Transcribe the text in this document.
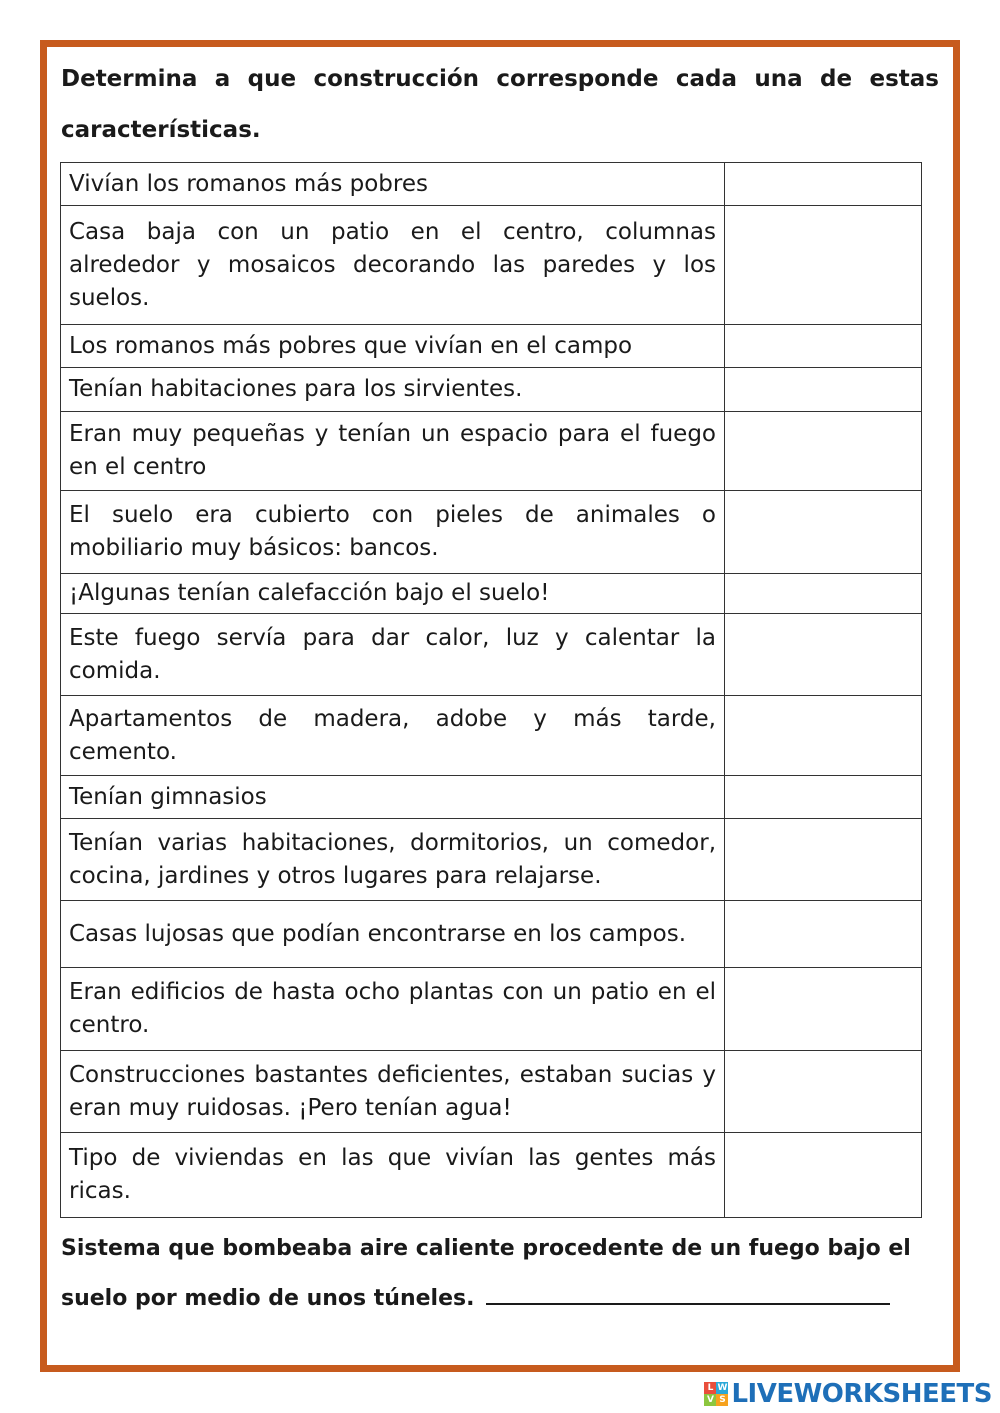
Determina a que construcción corresponde cada una de estas características.
Vivían los romanos más pobres	
Casa baja con un patio en el centro, columnas alrededor y mosaicos decorando las paredes y los suelos.	
Los romanos más pobres que vivían en el campo	
Tenían habitaciones para los sirvientes.	
Eran muy pequeñas y tenían un espacio para el fuego en el centro	
El suelo era cubierto con pieles de animales o mobiliario muy básicos: bancos.	
¡Algunas tenían calefacción bajo el suelo!	
Este fuego servía para dar calor, luz y calentar la comida.	
Apartamentos de madera, adobe y más tarde, cemento.	
Tenían gimnasios	
Tenían varias habitaciones, dormitorios, un comedor, cocina, jardines y otros lugares para relajarse.	
Casas lujosas que podían encontrarse en los campos.	
Eran edificios de hasta ocho plantas con un patio en el centro.	
Construcciones bastantes deficientes, estaban sucias y eran muy ruidosas. ¡Pero tenían agua!	
Tipo de viviendas en las que vivían las gentes más ricas.	
Sistema que bombeaba aire caliente procedente de un fuego bajo el suelo por medio de unos túneles.
L W
V S LIVEWORKSHEETS
